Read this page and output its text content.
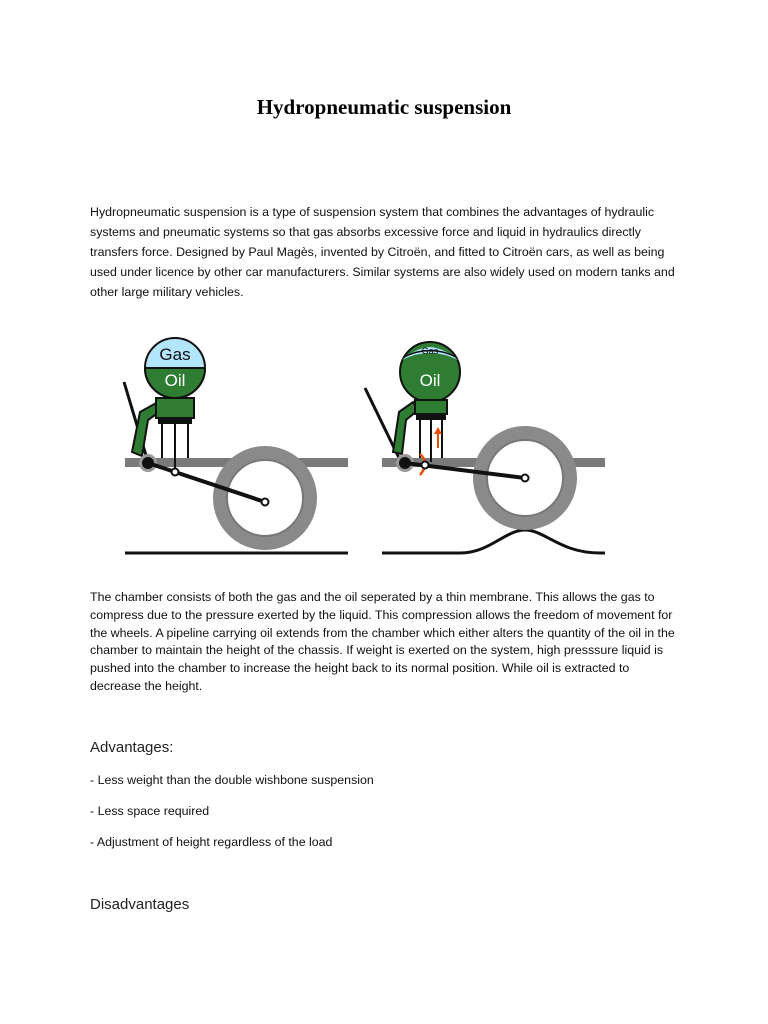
Hydropneumatic suspension

Hydropneumatic suspension is a type of suspension system that combines the advantages of hydraulic systems and pneumatic systems so that gas absorbs excessive force and liquid in hydraulics directly transfers force. Designed by Paul Magès, invented by Citroën, and fitted to Citroën cars, as well as being used under licence by other car manufacturers. Similar systems are also widely used on modern tanks and other large military vehicles.

Gas
Oil
Gas
Oil

The chamber consists of both the gas and the oil seperated by a thin membrane. This allows the gas to compress due to the pressure exerted by the liquid. This compression allows the freedom of movement for the wheels. A pipeline carrying oil extends from the chamber which either alters the quantity of the oil in the chamber to maintain the height of the chassis. If weight is exerted on the system, high presssure liquid is pushed into the chamber to increase the height back to its normal position. While oil is extracted to decrease the height.

Advantages:

- Less weight than the double wishbone suspension

- Less space required

- Adjustment of height regardless of the load

Disadvantages
